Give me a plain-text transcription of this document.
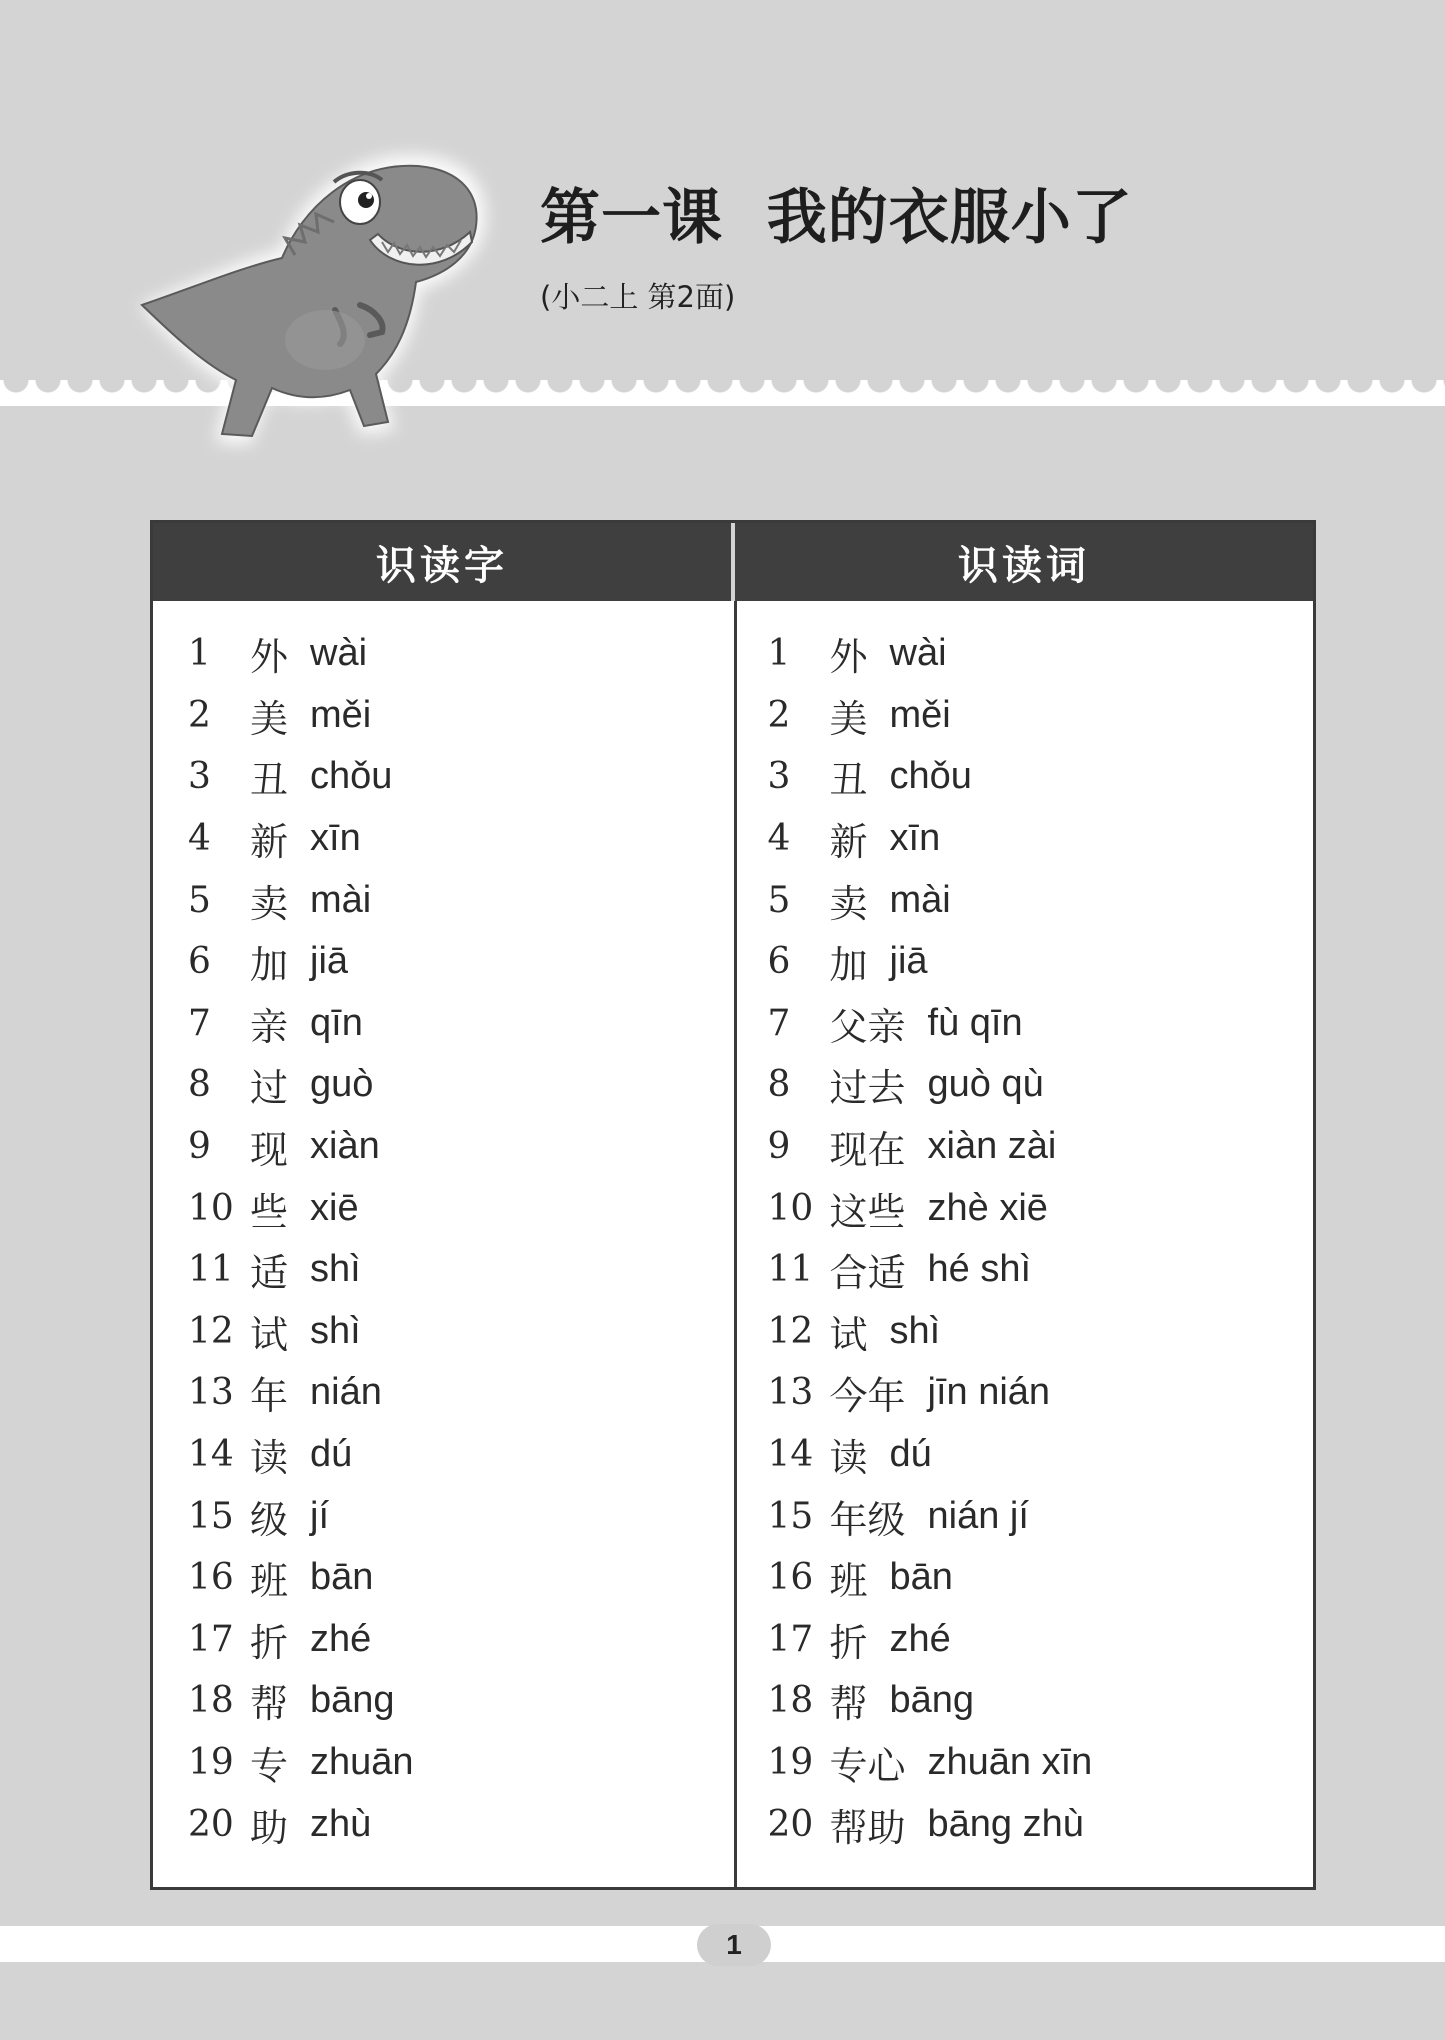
第一课  我的衣服小了
(小二上 第2面)
识读字	识读词
1	外 wài
2	美 měi
3	丑 chǒu
4	新 xīn
5	卖 mài
6	加 jiā
7	亲 qīn
8	过 guò
9	现 xiàn
10 些 xiē
11 适 shì
12 试 shì
13 年 nián
14 读 dú
15 级 jí
16 班 bān
17 折 zhé
18 帮 bāng
19 专 zhuān
20 助 zhù
1	外 wài
2	美 měi
3	丑 chǒu
4	新 xīn
5	卖 mài
6	加 jiā
7	父亲 fù qīn
8	过去 guò qù
9	现在 xiàn zài
10 这些 zhè xiē
11 合适 hé shì
12 试 shì
13 今年 jīn nián
14 读 dú
15 年级 nián jí
16 班 bān
17 折 zhé
18 帮 bāng
19 专心 zhuān xīn
20 帮助 bāng zhù
1
